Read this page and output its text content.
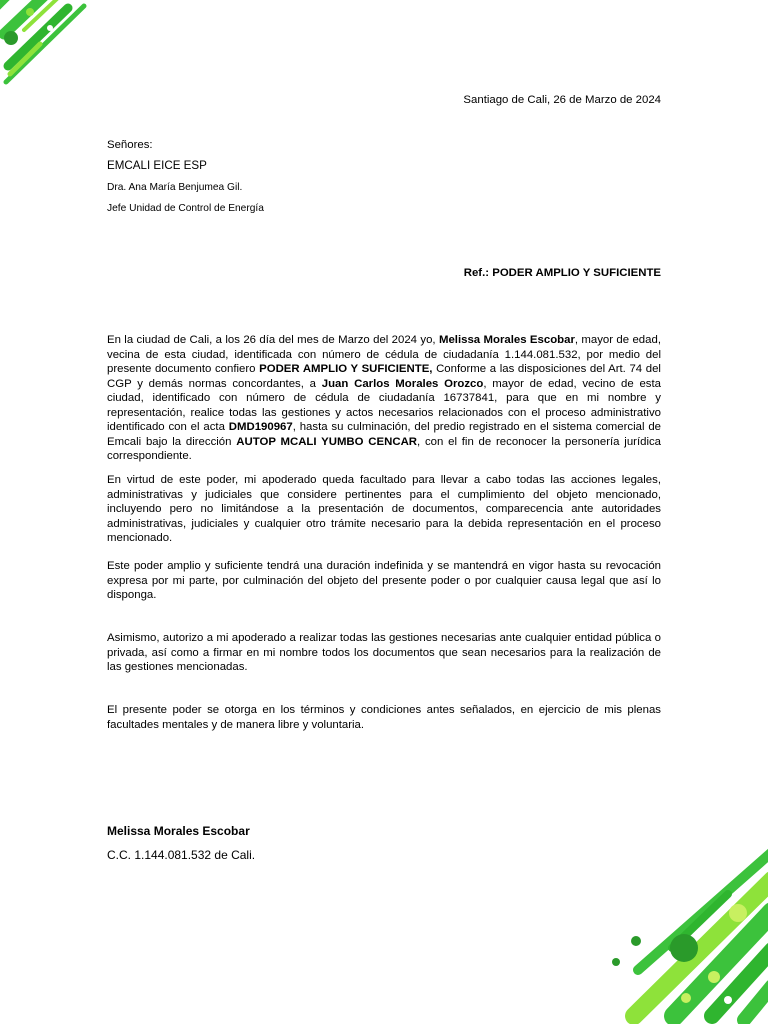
Santiago de Cali, 26 de Marzo de 2024
Señores:
EMCALI EICE ESP
Dra. Ana María Benjumea Gil.
Jefe Unidad de Control de Energía
Ref.: PODER AMPLIO Y SUFICIENTE
En la ciudad de Cali, a los 26 día del mes de Marzo del 2024 yo, Melissa Morales Escobar, mayor de edad, vecina de esta ciudad, identificada con número de cédula de ciudadanía 1.144.081.532, por medio del presente documento confiero PODER AMPLIO Y SUFICIENTE, Conforme a las disposiciones del Art. 74 del CGP y demás normas concordantes, a Juan Carlos Morales Orozco, mayor de edad, vecino de esta ciudad, identificado con número de cédula de ciudadanía 16737841, para que en mi nombre y representación, realice todas las gestiones y actos necesarios relacionados con el proceso administrativo identificado con el acta DMD190967, hasta su culminación, del predio registrado en el sistema comercial de Emcali bajo la dirección AUTOP MCALI YUMBO CENCAR, con el fin de reconocer la personería jurídica correspondiente.
En virtud de este poder, mi apoderado queda facultado para llevar a cabo todas las acciones legales, administrativas y judiciales que considere pertinentes para el cumplimiento del objeto mencionado, incluyendo pero no limitándose a la presentación de documentos, comparecencia ante autoridades administrativas, judiciales y cualquier otro trámite necesario para la debida representación en el proceso mencionado.
Este poder amplio y suficiente tendrá una duración indefinida y se mantendrá en vigor hasta su revocación expresa por mi parte, por culminación del objeto del presente poder o por cualquier causa legal que así lo disponga.
Asimismo, autorizo a mi apoderado a realizar todas las gestiones necesarias ante cualquier entidad pública o privada, así como a firmar en mi nombre todos los documentos que sean necesarios para la realización de las gestiones mencionadas.
El presente poder se otorga en los términos y condiciones antes señalados, en ejercicio de mis plenas facultades mentales y de manera libre y voluntaria.
Melissa Morales Escobar
C.C. 1.144.081.532 de Cali.
